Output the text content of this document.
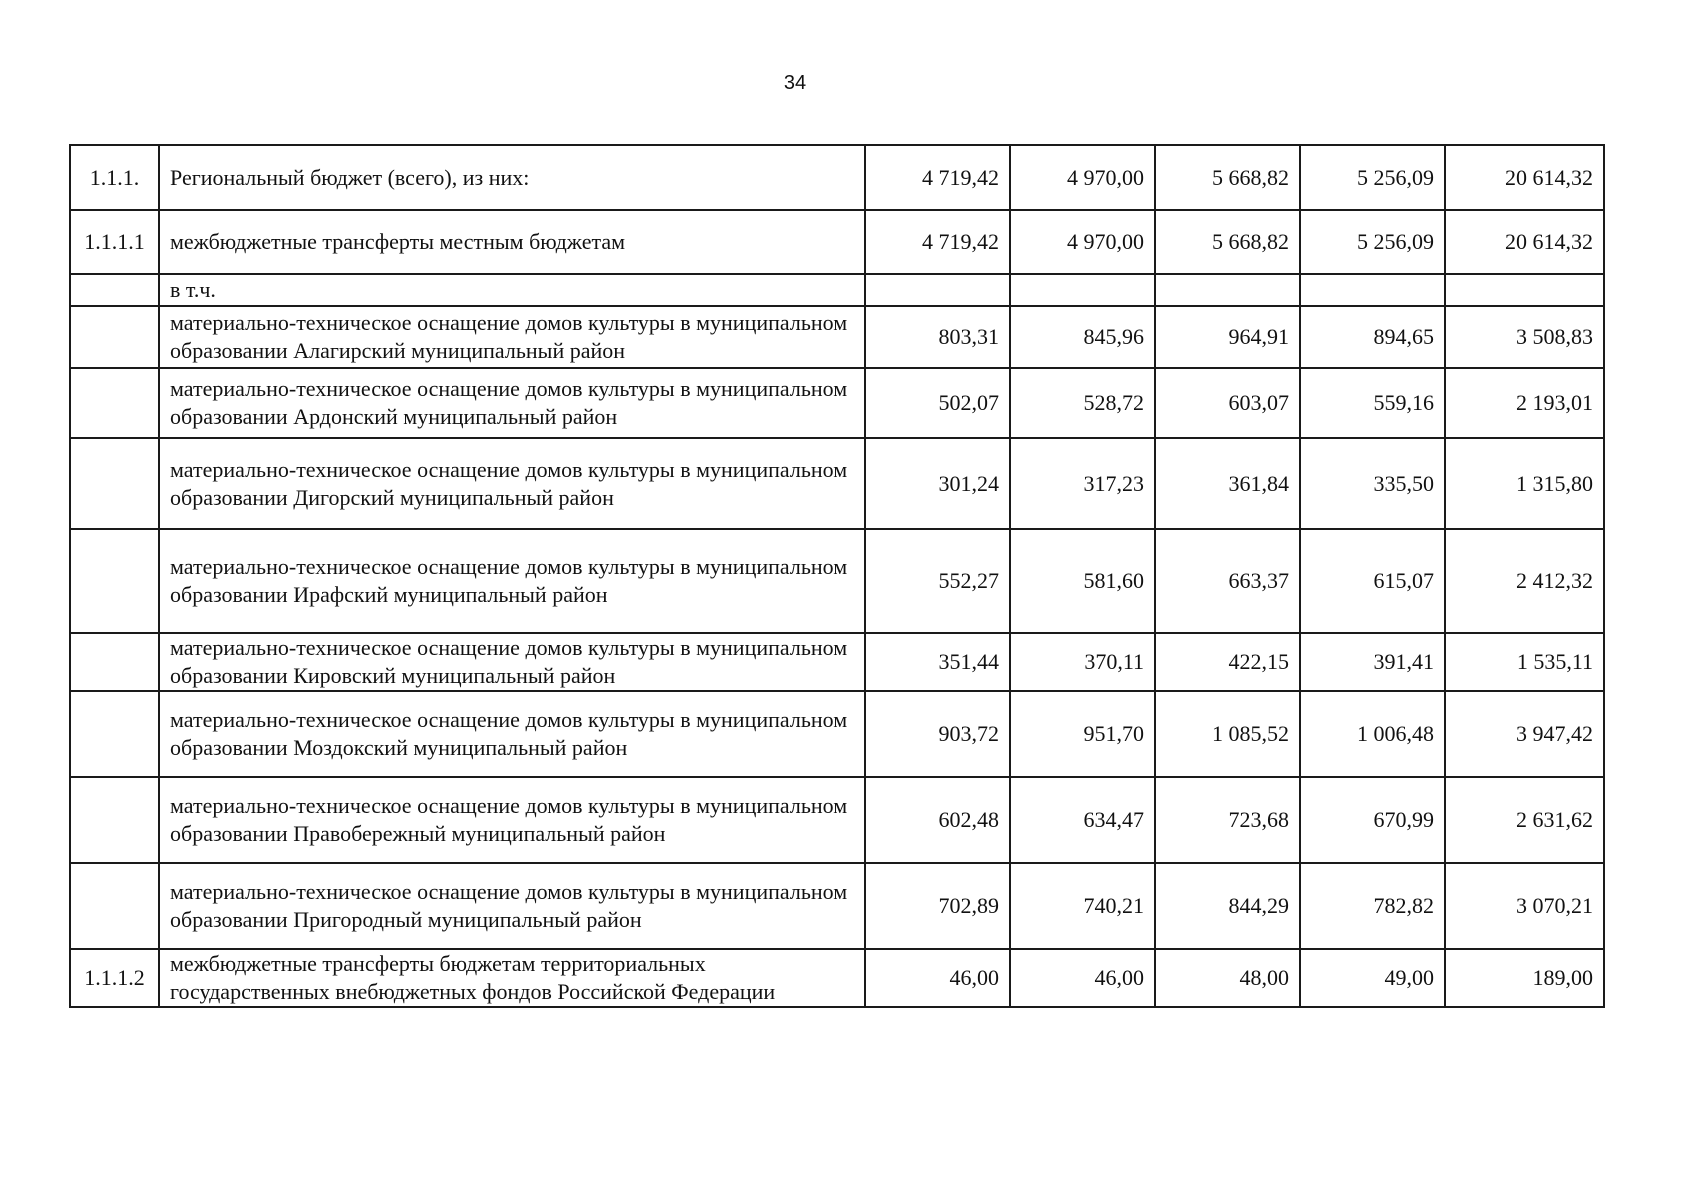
34
1.1.1.	Региональный бюджет (всего), из них:	4 719,42	4 970,00	5 668,82	5 256,09	20 614,32
1.1.1.1	межбюджетные трансферты местным бюджетам	4 719,42	4 970,00	5 668,82	5 256,09	20 614,32
	в т.ч.					
	материально-техническое оснащение домов культуры в муниципальном образовании Алагирский муниципальный район	803,31	845,96	964,91	894,65	3 508,83
	материально-техническое оснащение домов культуры в муниципальном образовании Ардонский муниципальный район	502,07	528,72	603,07	559,16	2 193,01
	материально-техническое оснащение домов культуры в муниципальном образовании Дигорский муниципальный район	301,24	317,23	361,84	335,50	1 315,80
	материально-техническое оснащение домов культуры в муниципальном образовании Ирафский муниципальный район	552,27	581,60	663,37	615,07	2 412,32
	материально-техническое оснащение домов культуры в муниципальном образовании Кировский муниципальный район	351,44	370,11	422,15	391,41	1 535,11
	материально-техническое оснащение домов культуры в муниципальном образовании Моздокский муниципальный район	903,72	951,70	1 085,52	1 006,48	3 947,42
	материально-техническое оснащение домов культуры в муниципальном образовании Правобережный муниципальный район	602,48	634,47	723,68	670,99	2 631,62
	материально-техническое оснащение домов культуры в муниципальном образовании Пригородный муниципальный район	702,89	740,21	844,29	782,82	3 070,21
1.1.1.2	межбюджетные трансферты бюджетам территориальных государственных внебюджетных фондов Российской Федерации	46,00	46,00	48,00	49,00	189,00
